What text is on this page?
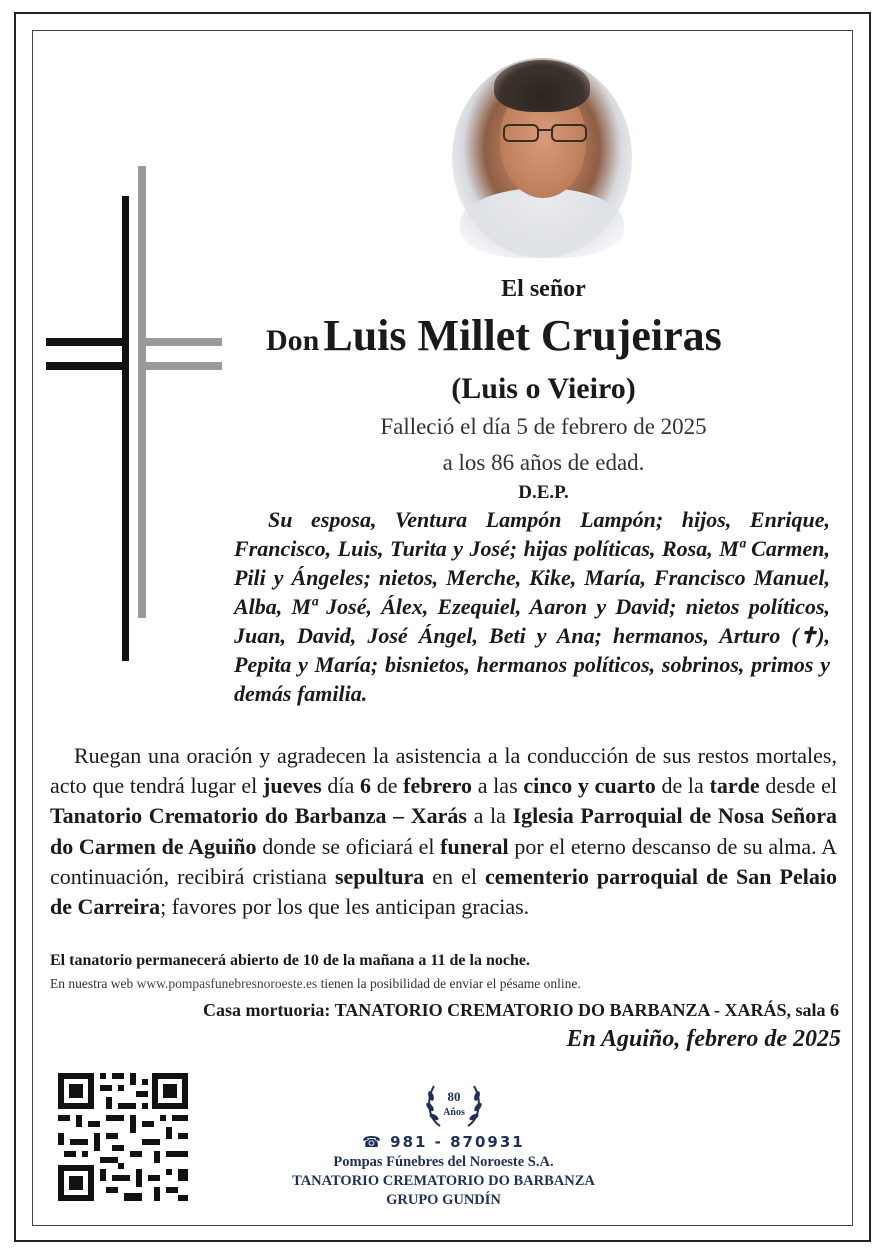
El señor
Don Luis Millet Crujeiras
(Luis o Vieiro)
Falleció el día 5 de febrero de 2025
a los 86 años de edad.
D.E.P.
Su esposa, Ventura Lampón Lampón; hijos, Enrique, Francisco, Luis, Turita y José; hijas políticas, Rosa, Mª Carmen, Pili y Ángeles; nietos, Merche, Kike, María, Francisco Manuel, Alba, Mª José, Álex, Ezequiel, Aaron y David; nietos políticos, Juan, David, José Ángel, Beti y Ana; hermanos, Arturo (✝), Pepita y María; bisnietos, hermanos políticos, sobrinos, primos y demás familia.
Ruegan una oración y agradecen la asistencia a la conducción de sus restos mortales, acto que tendrá lugar el jueves día 6 de febrero a las cinco y cuarto de la tarde desde el Tanatorio Crematorio do Barbanza – Xarás a la Iglesia Parroquial de Nosa Señora do Carmen de Aguiño donde se oficiará el funeral por el eterno descanso de su alma. A continuación, recibirá cristiana sepultura en el cementerio parroquial de San Pelaio de Carreira; favores por los que les anticipan gracias.
El tanatorio permanecerá abierto de 10 de la mañana a 11 de la noche.
En nuestra web www.pompasfunebresnoroeste.es tienen la posibilidad de enviar el pésame online.
Casa mortuoria: TANATORIO CREMATORIO DO BARBANZA - XARÁS, sala 6
En Aguiño, febrero de 2025
80
Años
☎ 981 - 870931
Pompas Fúnebres del Noroeste S.A.
TANATORIO CREMATORIO DO BARBANZA
GRUPO GUNDÍN
